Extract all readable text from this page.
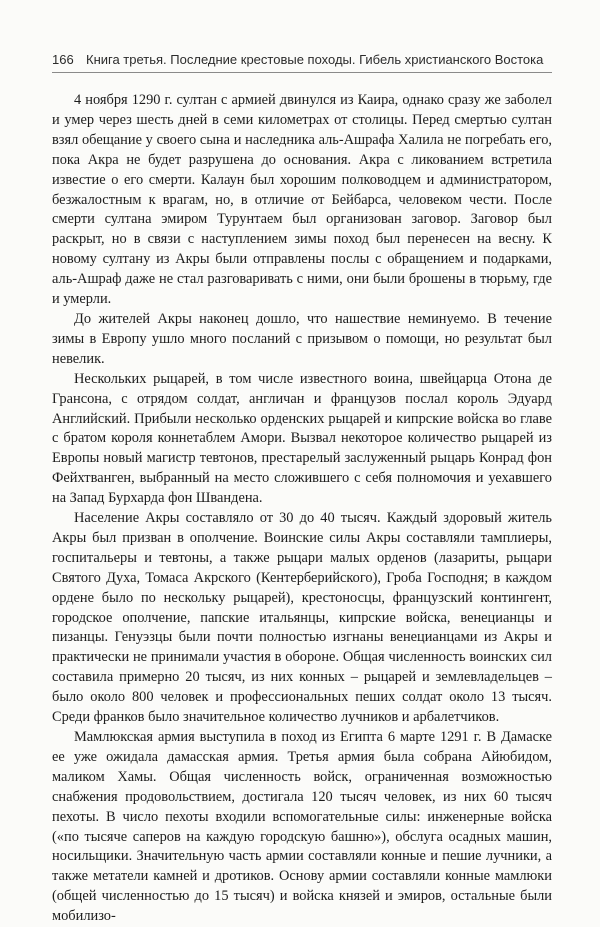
166 Книга третья. Последние крестовые походы. Гибель христианского Востока

4 ноября 1290 г. султан с армией двинулся из Каира, однако сразу же заболел и умер через шесть дней в семи километрах от столицы. Перед смертью султан взял обещание у своего сына и наследника аль-Ашрафа Халила не погребать его, пока Акра не будет разрушена до основания. Акра с ликованием встретила известие о его смерти. Калаун был хорошим полководцем и администратором, безжалостным к врагам, но, в отличие от Бейбарса, человеком чести. После смерти султана эмиром Турунтаем был организован заговор. Заговор был раскрыт, но в связи с наступлением зимы поход был перенесен на весну. К новому султану из Акры были отправлены послы с обращением и подарками, аль-Ашраф даже не стал разговаривать с ними, они были брошены в тюрьму, где и умерли.

До жителей Акры наконец дошло, что нашествие неминуемо. В течение зимы в Европу ушло много посланий с призывом о помощи, но результат был невелик.

Нескольких рыцарей, в том числе известного воина, швейцарца Отона де Грансона, с отрядом солдат, англичан и французов послал король Эдуард Английский. Прибыли несколько орденских рыцарей и кипрские войска во главе с братом короля коннетаблем Амори. Вызвал некоторое количество рыцарей из Европы новый магистр тевтонов, престарелый заслуженный рыцарь Конрад фон Фейхтванген, выбранный на место сложившего с себя полномочия и уехавшего на Запад Бурхарда фон Швандена.

Население Акры составляло от 30 до 40 тысяч. Каждый здоровый житель Акры был призван в ополчение. Воинские силы Акры составляли тамплиеры, госпитальеры и тевтоны, а также рыцари малых орденов (лазариты, рыцари Святого Духа, Томаса Акрского (Кентерберийского), Гроба Господня; в каждом ордене было по нескольку рыцарей), крестоносцы, французский контингент, городское ополчение, папские итальянцы, кипрские войска, венецианцы и пизанцы. Генуэзцы были почти полностью изгнаны венецианцами из Акры и практически не принимали участия в обороне. Общая численность воинских сил составила примерно 20 тысяч, из них конных – рыцарей и землевладельцев – было около 800 человек и профессиональных пеших солдат около 13 тысяч. Среди франков было значительное количество лучников и арбалетчиков.

Мамлюкская армия выступила в поход из Египта 6 марте 1291 г. В Дамаске ее уже ожидала дамасская армия. Третья армия была собрана Айюбидом, маликом Хамы. Общая численность войск, ограниченная возможностью снабжения продовольствием, достигала 120 тысяч человек, из них 60 тысяч пехоты. В число пехоты входили вспомогательные силы: инженерные войска («по тысяче саперов на каждую городскую башню»), обслуга осадных машин, носильщики. Значительную часть армии составляли конные и пешие лучники, а также метатели камней и дротиков. Основу армии составляли конные мамлюки (общей численностью до 15 тысяч) и войска князей и эмиров, остальные были мобилизо-
